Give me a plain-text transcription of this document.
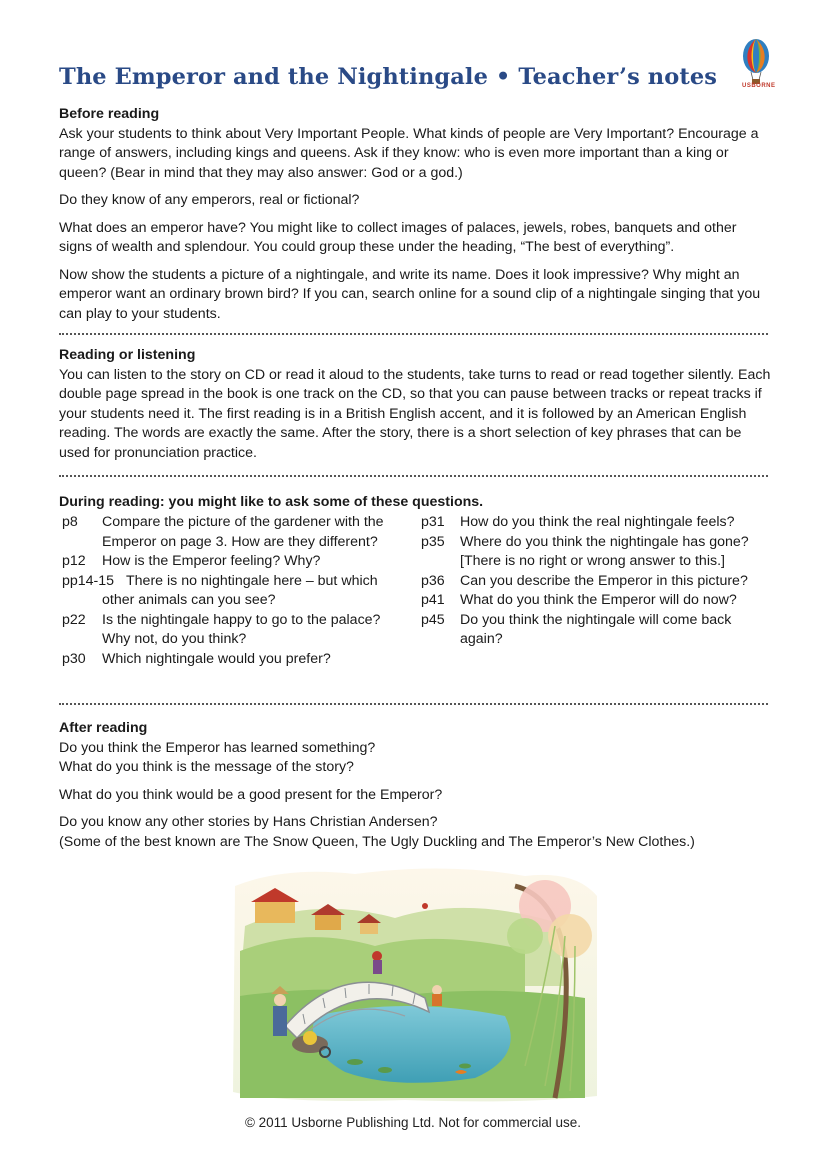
The Emperor and the Nightingale • Teacher’s notes	USBORNE
Before reading

Ask your students to think about Very Important People. What kinds of people are Very Important? Encourage a range of answers, including kings and queens. Ask if they know: who is even more important than a king or queen? (Bear in mind that they may also answer: God or a god.)

Do they know of any emperors, real or fictional?

What does an emperor have? You might like to collect images of palaces, jewels, robes, banquets and other signs of wealth and splendour. You could group these under the heading, “The best of everything”.

Now show the students a picture of a nightingale, and write its name. Does it look impressive? Why might an emperor want an ordinary brown bird? If you can, search online for a sound clip of a nightingale singing that you can play to your students.

Reading or listening

You can listen to the story on CD or read it aloud to the students, take turns to read or read together silently. Each double page spread in the book is one track on the CD, so that you can pause between tracks or repeat tracks if your students need it. The first reading is in a British English accent, and it is followed by an American English reading. The words are exactly the same. After the story, there is a short selection of key phrases that can be used for pronunciation practice.

During reading: you might like to ask some of these questions.
p8	Compare the picture of the gardener with the Emperor on page 3. How are they different?
p12	How is the Emperor feeling? Why?
pp14-15 There is no nightingale here – but which other animals can you see?
p22	Is the nightingale happy to go to the palace? Why not, do you think?
p30	Which nightingale would you prefer?
p31	How do you think the real nightingale feels?
p35	Where do you think the nightingale has gone? [There is no right or wrong answer to this.]
p36	Can you describe the Emperor in this picture?
p41	What do you think the Emperor will do now?
p45	Do you think the nightingale will come back again?
After reading
Do you think the Emperor has learned something?

What do you think is the message of the story?

What do you think would be a good present for the Emperor?

Do you know any other stories by Hans Christian Andersen?
(Some of the best known are The Snow Queen, The Ugly Duckling and The Emperor’s New Clothes.)
© 2011 Usborne Publishing Ltd. Not for commercial use.
